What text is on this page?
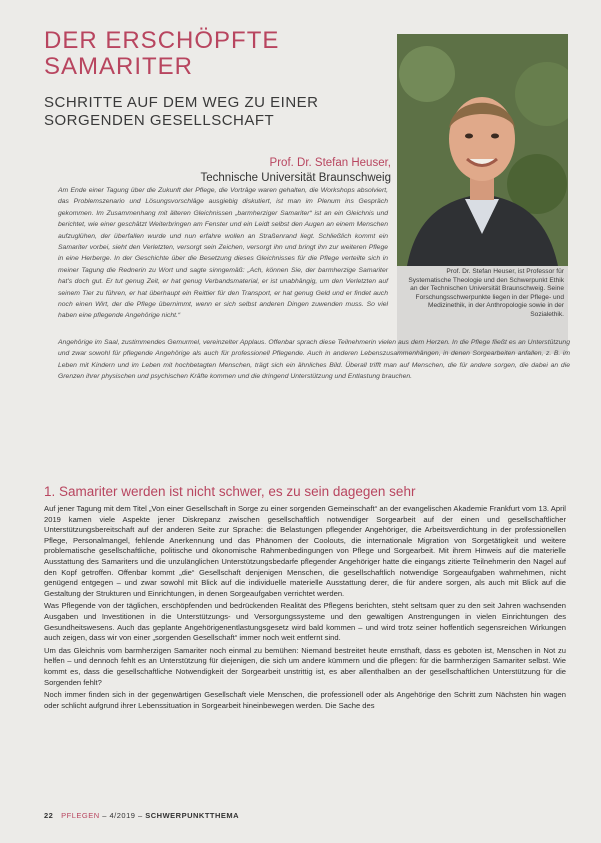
DER ERSCHÖPFTE SAMARITER
SCHRITTE AUF DEM WEG ZU EINER SORGENDEN GESELLSCHAFT
Prof. Dr. Stefan Heuser,
Technische Universität Braunschweig

Prof. Dr. Stefan Heuser, ist Professor für Systematische Theologie und den Schwerpunkt Ethik an der Technischen Universität Braunschweig. Seine Forschungsschwerpunkte liegen in der Pflege- und Medizinethik, in der Anthropologie sowie in der Sozialethik.

Am Ende einer Tagung über die Zukunft der Pflege, die Vorträge waren gehalten, die Workshops absolviert, das Problemszenario und Lösungsvorschläge ausgiebig diskutiert, ist man im Plenum ins Gespräch gekommen. Im Zusammenhang mit älteren Gleichnissen „barmherziger Samariter“ ist an ein Gleichnis und berichtet, wie einer geschätzt Weiterbringen am Fenster und ein Leidt selbst den Augen an einem Menschen aufzuglühen, der überfallen wurde und nun erfahre wollen an Straßenrand liegt. Schließlich kommt ein Samariter vorbei, sieht den Verletzten, versorgt sein Zeichen, versorgt ihn und bringt ihn zur weiteren Pflege in eine Herberge. In der Geschichte über die Besetzung dieses Gleichnisses für die Pflege verteilte sich in meiner Tagung die Rednerin zu Wort und sagte sinngemäß: „Ach, können Sie, der barmherzige Samariter hat's doch gut. Er tut genug Zeit, er hat genug Verbandsmaterial, er ist unabhängig, um den Verletzten auf seinem Tier zu führen, er hat überhaupt ein Reittier für den Transport, er hat genug Geld und er findet auch noch einen Wirt, der die Pflege übernimmt, wenn er sich selbst anderen Dingen zuwenden muss. So viel haben eine pflegende Angehörige nicht.“

Angehörige im Saal, zustimmendes Gemurmel, vereinzelter Applaus. Offenbar sprach diese Teilnehmerin vielen aus dem Herzen. In die Pflege fließt es an Unterstützung und zwar sowohl für pflegende Angehörige als auch für professionell Pflegende. Auch in anderen Lebenszusammenhängen, in denen Sorgearbeiten anfallen, z. B. im Leben mit Kindern und im Leben mit hochbetagten Menschen, trägt sich ein ähnliches Bild. Überall trifft man auf Menschen, die für andere sorgen, die dabei an die Grenzen ihrer physischen und psychischen Kräfte kommen und die dringend Unterstützung und Entlastung brauchen.

1. Samariter werden ist nicht schwer, es zu sein dagegen sehr

Auf jener Tagung mit dem Titel „Von einer Gesellschaft in Sorge zu einer sorgenden Gemeinschaft“ an der evangelischen Akademie Frankfurt vom 13. April 2019 kamen viele Aspekte jener Diskrepanz zwischen gesellschaftlich notwendiger Sorgearbeit auf der einen und gesellschaftlicher Unterstützungsbereitschaft auf der anderen Seite zur Sprache: die Belastungen pflegender Angehöriger, die Arbeitsverdichtung in der professionellen Pflege, Personalmangel, fehlende Anerkennung und das Phänomen der Coolouts, die internationale Migration von Sorgetätigkeit und weitere problematische gesellschaftliche, politische und ökonomische Rahmenbedingungen von Pflege und Sorgearbeit. Mit ihrem Hinweis auf die materielle Ausstattung des Samariters und die unzulänglichen Unterstützungsbedarfe pflegender Angehöriger hatte die eingangs zitierte Teilnehmerin den Nagel auf den Kopf getroffen. Offenbar kommt „die“ Gesellschaft denjenigen Menschen, die gesellschaftlich notwendige Sorgeaufgaben wahrnehmen, nicht genügend entgegen – und zwar sowohl mit Blick auf die individuelle materielle Ausstattung derer, die für andere sorgen, als auch mit Blick auf die Gestaltung der Strukturen und Einrichtungen, in denen Sorgeaufgaben verrichtet werden.

Was Pflegende von der täglichen, erschöpfenden und bedrückenden Realität des Pflegens berichten, steht seltsam quer zu den seit Jahren wachsenden Ausgaben und Investitionen in die Unterstützungs- und Versorgungssysteme und den gewaltigen Anstrengungen in vielen Einrichtungen des Gesundheitswesens. Auch das geplante Angehörigenentlastungsgesetz wird bald kommen – und wird trotz seiner hoffentlich segensreichen Wirkungen auch zeigen, dass wir von einer „sorgenden Gesellschaft“ immer noch weit entfernt sind.

Um das Gleichnis vom barmherzigen Samariter noch einmal zu bemühen: Niemand bestreitet heute ernsthaft, dass es geboten ist, Menschen in Not zu helfen – und dennoch fehlt es an Unterstützung für diejenigen, die sich um andere kümmern und die pflegen: für die barmherzigen Samariter selbst. Wie kommt es, dass die gesellschaftliche Notwendigkeit der Sorgearbeit unstrittig ist, es aber allenthalben an der gesellschaftlichen Unterstützung für die Sorgenden fehlt?

Noch immer finden sich in der gegenwärtigen Gesellschaft viele Menschen, die professionell oder als Angehörige den Schritt zum Nächsten hin wagen oder schlicht aufgrund ihrer Lebenssituation in Sorgearbeit hineinbewegen werden. Die Sache des

22 PFLEGEN – 4/2019 – SCHWERPUNKTTHEMA
